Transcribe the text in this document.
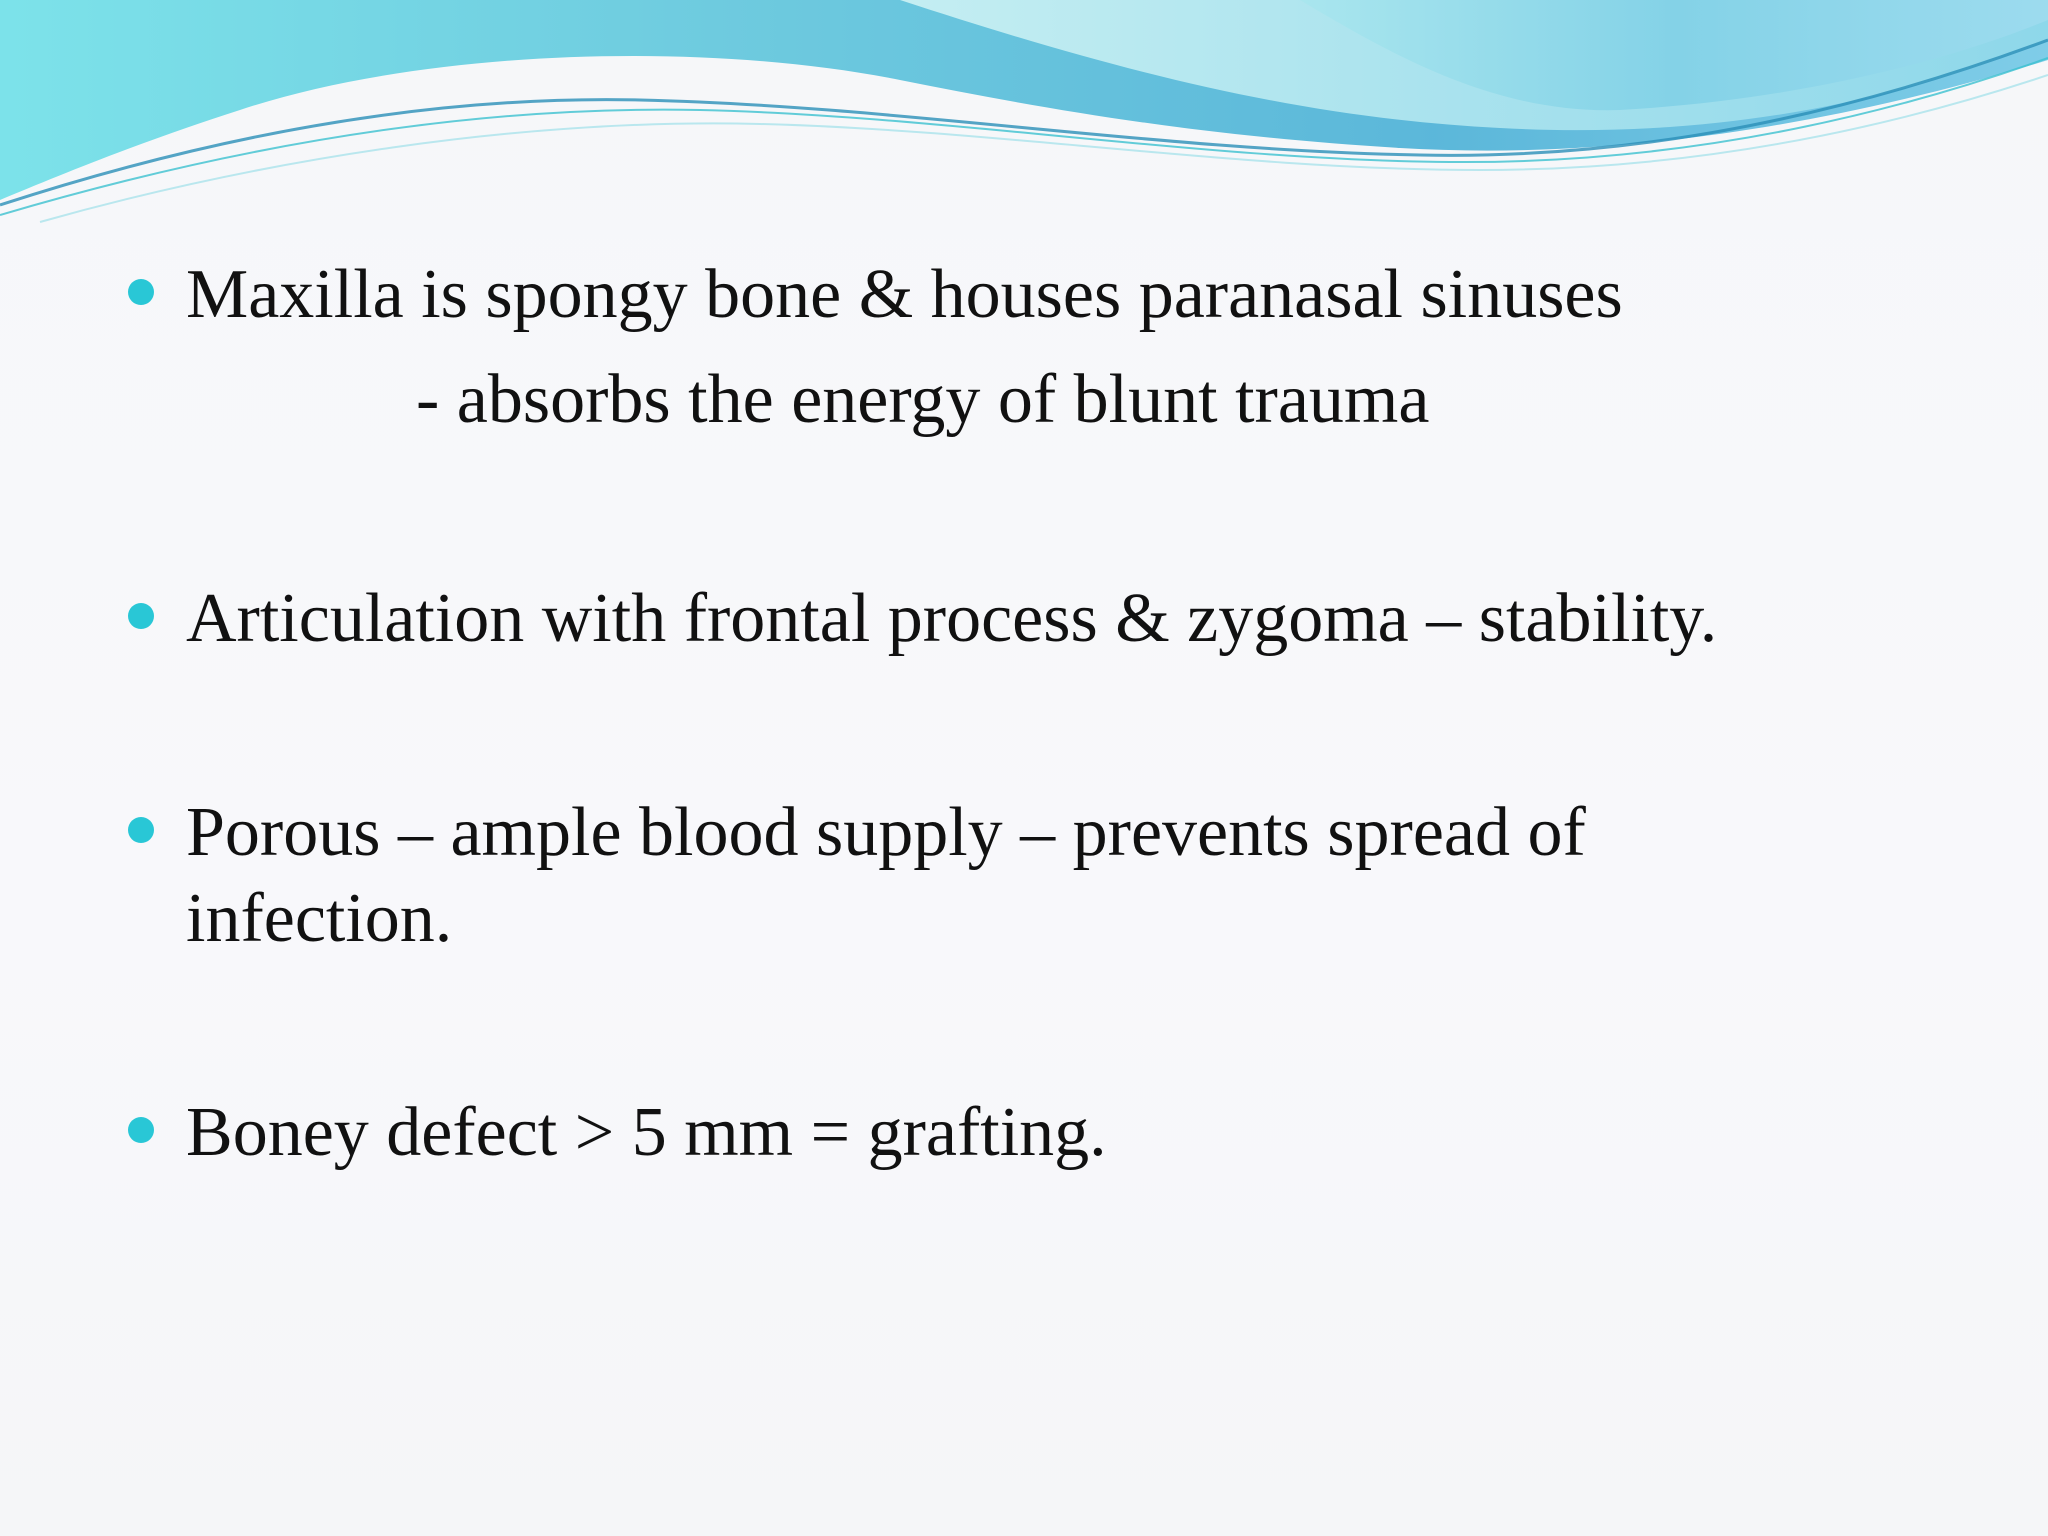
Maxilla is spongy bone & houses paranasal sinuses
- absorbs the energy of blunt trauma
Articulation with frontal process & zygoma – stability.
Porous – ample blood supply – prevents spread of infection.
Boney defect > 5 mm = grafting.
